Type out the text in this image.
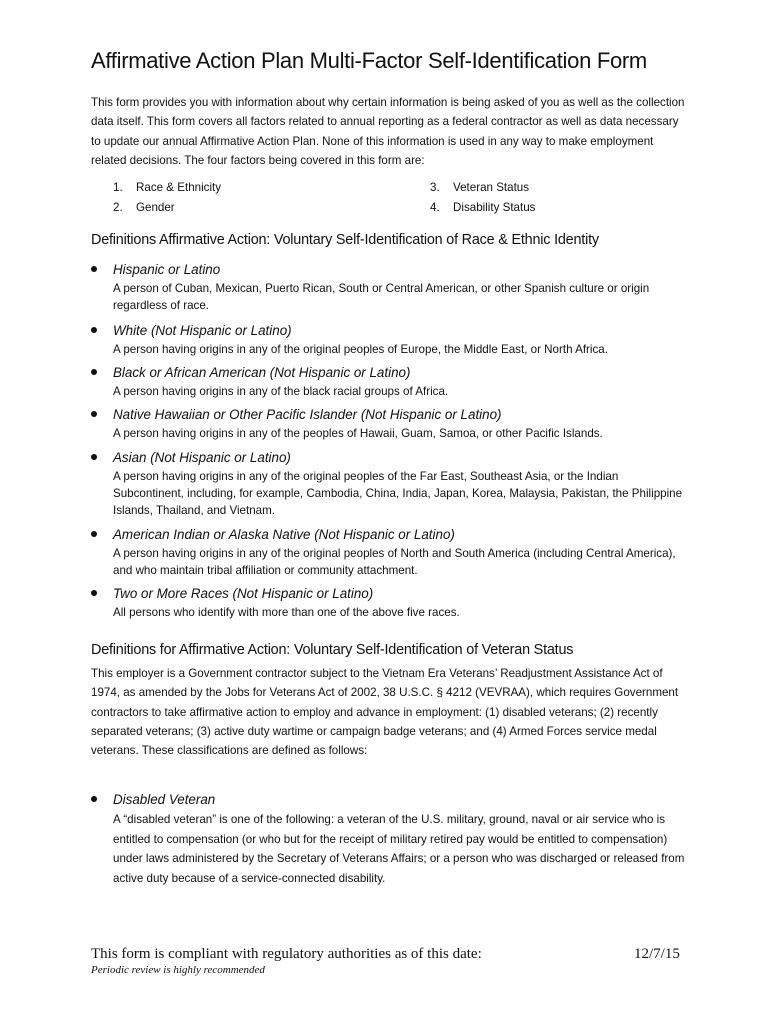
Affirmative Action Plan Multi-Factor Self-Identification Form

This form provides you with information about why certain information is being asked of you as well as the collection data itself. This form covers all factors related to annual reporting as a federal contractor as well as data necessary to update our annual Affirmative Action Plan. None of this information is used in any way to make employment related decisions. The four factors being covered in this form are:

1. Race & Ethnicity
2. Gender
3. Veteran Status
4. Disability Status
Definitions Affirmative Action: Voluntary Self-Identification of Race & Ethnic Identity
Hispanic or Latino
A person of Cuban, Mexican, Puerto Rican, South or Central American, or other Spanish culture or origin regardless of race.
White (Not Hispanic or Latino)
A person having origins in any of the original peoples of Europe, the Middle East, or North Africa.
Black or African American (Not Hispanic or Latino)
A person having origins in any of the black racial groups of Africa.
Native Hawaiian or Other Pacific Islander (Not Hispanic or Latino)
A person having origins in any of the peoples of Hawaii, Guam, Samoa, or other Pacific Islands.
Asian (Not Hispanic or Latino)
A person having origins in any of the original peoples of the Far East, Southeast Asia, or the Indian Subcontinent, including, for example, Cambodia, China, India, Japan, Korea, Malaysia, Pakistan, the Philippine Islands, Thailand, and Vietnam.
American Indian or Alaska Native (Not Hispanic or Latino)
A person having origins in any of the original peoples of North and South America (including Central America), and who maintain tribal affiliation or community attachment.
Two or More Races (Not Hispanic or Latino)
All persons who identify with more than one of the above five races.
Definitions for Affirmative Action: Voluntary Self-Identification of Veteran Status

This employer is a Government contractor subject to the Vietnam Era Veterans’ Readjustment Assistance Act of 1974, as amended by the Jobs for Veterans Act of 2002, 38 U.S.C. § 4212 (VEVRAA), which requires Government contractors to take affirmative action to employ and advance in employment: (1) disabled veterans; (2) recently separated veterans; (3) active duty wartime or campaign badge veterans; and (4) Armed Forces service medal veterans. These classifications are defined as follows:

Disabled Veteran
A “disabled veteran” is one of the following: a veteran of the U.S. military, ground, naval or air service who is entitled to compensation (or who but for the receipt of military retired pay would be entitled to compensation) under laws administered by the Secretary of Veterans Affairs; or a person who was discharged or released from active duty because of a service-connected disability.
This form is compliant with regulatory authorities as of this date:	12/7/15
Periodic review is highly recommended
